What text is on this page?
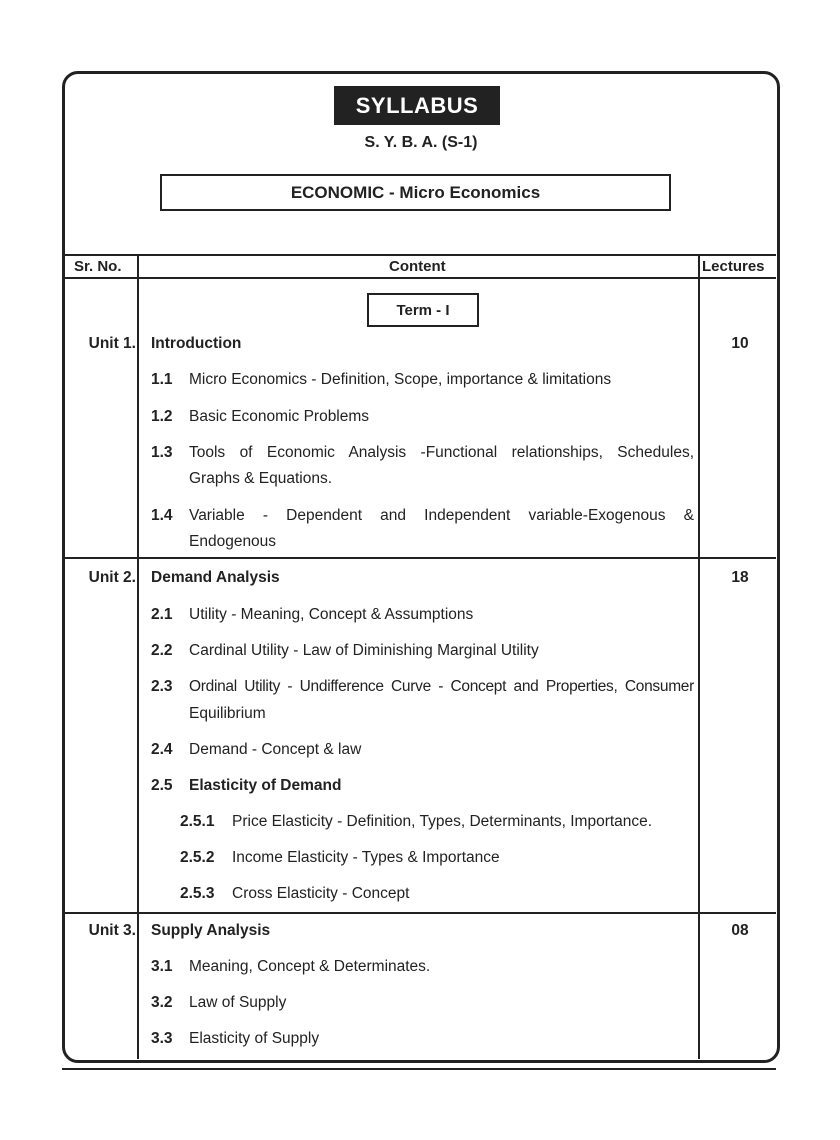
SYLLABUS
S. Y. B. A. (S-1)
ECONOMIC - Micro Economics
Sr. No.	Content	Lectures
Term - I
Unit 1. Introduction	10
1.1 Micro Economics - Definition, Scope, importance & limitations
1.2 Basic Economic Problems
1.3 Tools of Economic Analysis -Functional relationships, Schedules,
Graphs & Equations.
1.4 Variable - Dependent and Independent variable-Exogenous &
Endogenous
Unit 2. Demand Analysis	18
2.1 Utility - Meaning, Concept & Assumptions
2.2 Cardinal Utility - Law of Diminishing Marginal Utility
2.3 Ordinal Utility - Undifference Curve - Concept and Properties, Consumer
Equilibrium
2.4 Demand - Concept & law
2.5 Elasticity of Demand
2.5.1 Price Elasticity - Definition, Types, Determinants, Importance.
2.5.2 Income Elasticity - Types & Importance
2.5.3 Cross Elasticity - Concept
Unit 3. Supply Analysis	08
3.1 Meaning, Concept & Determinates.
3.2 Law of Supply
3.3 Elasticity of Supply
